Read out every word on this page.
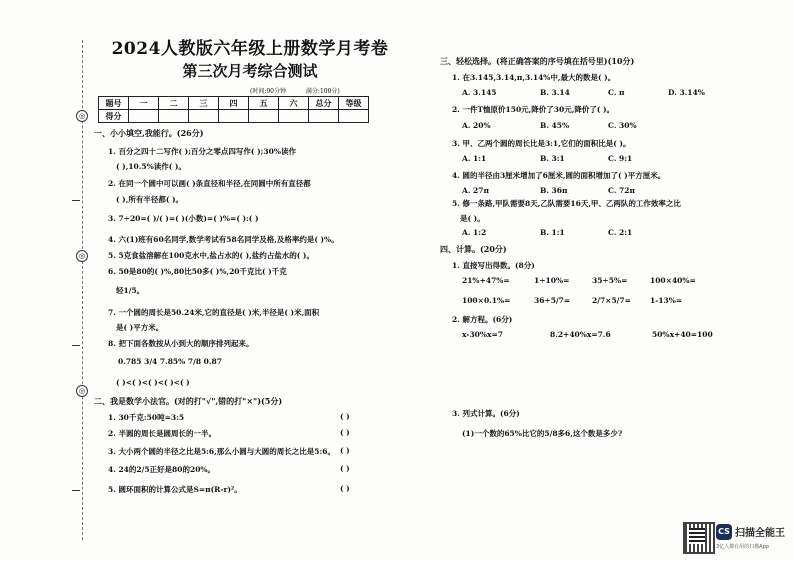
◎
◎
◎
2024人教版六年级上册数学月考卷
第三次月考综合测试
(时间:90分钟	满分:100分)
题号	一	二	三	四	五	六	总分	等级
得分								
一、小小填空,我能行。(26分)
1. 百分之四十二写作( );百分之零点四写作( );30%读作
( ),10.5%读作( )。
2. 在同一个圆中可以画( )条直径和半径,在同圆中所有直径都
( ),所有半径都( )。
3. 7÷20=( )/( )=( )(小数)=( )%=( ):( )
4. 六(1)班有60名同学,数学考试有58名同学及格,及格率约是( )%。
5. 5克食盐溶解在100克水中,盐占水的( ),盐约占盐水的( )。
6. 50是80的( )%,80比50多( )%,20千克比( )千克
轻1/5。
7. 一个圆的周长是50.24米,它的直径是( )米,半径是( )米,面积
是( )平方米。
8. 把下面各数按从小到大的顺序排列起来。
0.785 3/4 7.85% 7/8 0.87
( )<( )<( )<( )<( )
二、我是数学小法官。(对的打"√",错的打"×")(5分)
1. 30千克:50吨=3:5
2. 半圆的周长是圆周长的一半。
3. 大小两个圆的半径之比是5:6,那么小圆与大圆的周长之比是5:6。
4. 24的2/5正好是80的20%。
5. 圆环面积的计算公式是S=π(R-r)²。
( )
( )
( )
( )
( )
三、轻松选择。(将正确答案的序号填在括号里)(10分)
1. 在3.145,3.14,π,3.14%中,最大的数是( )。
A. 3.145	B. 3.14	C. π	D. 3.14%
2. 一件T恤原价150元,降价了30元,降价了( )。
A. 20%	B. 45%	C. 30%
3. 甲、乙两个圆的周长比是3:1,它们的面积比是( )。
A. 1:1	B. 3:1	C. 9:1
4. 圆的半径由3厘米增加了6厘米,圆的面积增加了( )平方厘米。
A. 27π	B. 36π	C. 72π
5. 修一条路,甲队需要8天,乙队需要16天,甲、乙两队的工作效率之比
是( )。
A. 1:2	B. 1:1	C. 2:1
四、计算。(20分)
1. 直接写出得数。(8分)
21%+47%=	1÷10%=	35÷5%=	100×40%=
100×0.1%=	36÷5/7=	2/7×5/7=	1-13%=
2. 解方程。(6分)
x-30%x=7	8.2+40%x=7.6	50%x+40=100
3. 列式计算。(6分)
(1)一个数的65%比它的5/8多6,这个数是多少?
CS 扫描全能王
3亿人都在用的扫描App
